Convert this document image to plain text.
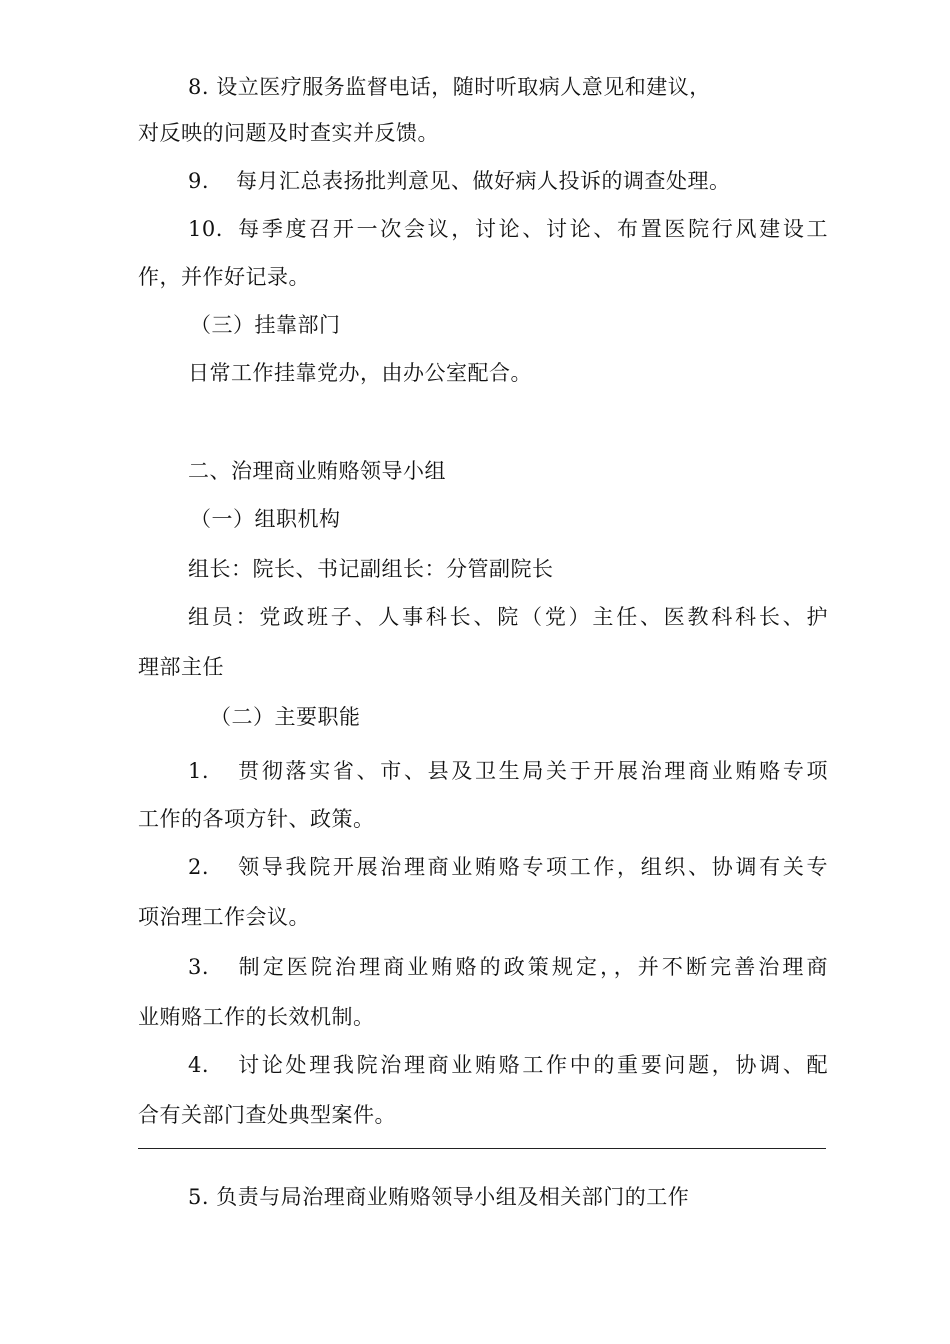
8. 设立医疗服务监督电话，随时听取病人意见和建议，
对反映的问题及时查实并反馈。
9. 每月汇总表扬批判意见、做好病人投诉的调查处理。
10. 每季度召开一次会议，讨论、讨论、布置医院行风建设工
作，并作好记录。
（三）挂靠部门
日常工作挂靠党办，由办公室配合。
二、治理商业贿赂领导小组
（一）组职机构
组长：院长、书记副组长：分管副院长
组员：党政班子、人事科长、院（党）主任、医教科科长、护
理部主任
（二）主要职能
1. 贯彻落实省、市、县及卫生局关于开展治理商业贿赂专项
工作的各项方针、政策。
2. 领导我院开展治理商业贿赂专项工作，组织、协调有关专
项治理工作会议。
3. 制定医院治理商业贿赂的政策规定，，并不断完善治理商
业贿赂工作的长效机制。
4. 讨论处理我院治理商业贿赂工作中的重要问题，协调、配
合有关部门查处典型案件。
5. 负责与局治理商业贿赂领导小组及相关部门的工作
